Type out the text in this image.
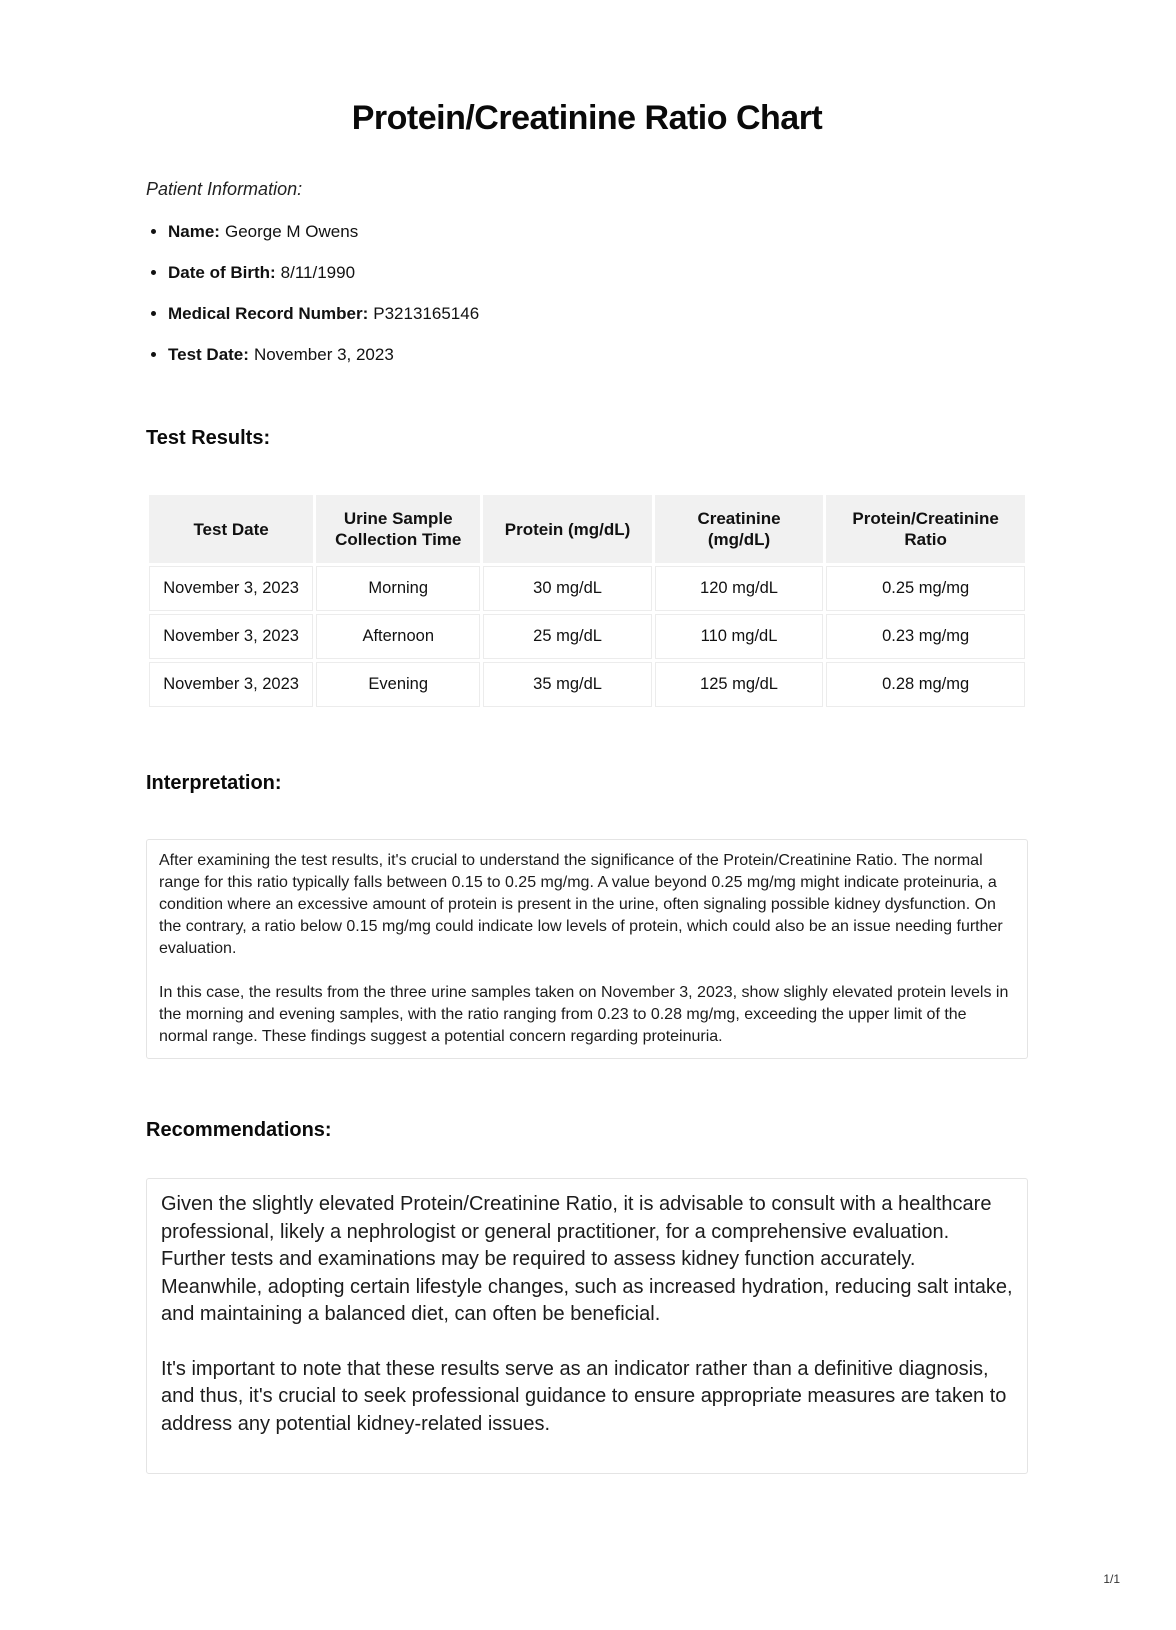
Protein/Creatinine Ratio Chart
Patient Information:
• Name: George M Owens
• Date of Birth: 8/11/1990
• Medical Record Number: P3213165146
• Test Date: November 3, 2023
Test Results:
Test Date	Urine Sample Collection Time	Protein (mg/dL)	Creatinine (mg/dL)	Protein/Creatinine Ratio
November 3, 2023	Morning	30 mg/dL	120 mg/dL	0.25 mg/mg
November 3, 2023	Afternoon	25 mg/dL	110 mg/dL	0.23 mg/mg
November 3, 2023	Evening	35 mg/dL	125 mg/dL	0.28 mg/mg
Interpretation:

After examining the test results, it's crucial to understand the significance of the Protein/Creatinine Ratio. The normal range for this ratio typically falls between 0.15 to 0.25 mg/mg. A value beyond 0.25 mg/mg might indicate proteinuria, a condition where an excessive amount of protein is present in the urine, often signaling possible kidney dysfunction. On the contrary, a ratio below 0.15 mg/mg could indicate low levels of protein, which could also be an issue needing further evaluation.

In this case, the results from the three urine samples taken on November 3, 2023, show slighly elevated protein levels in the morning and evening samples, with the ratio ranging from 0.23 to 0.28 mg/mg, exceeding the upper limit of the normal range. These findings suggest a potential concern regarding proteinuria.

Recommendations:

Given the slightly elevated Protein/Creatinine Ratio, it is advisable to consult with a healthcare professional, likely a nephrologist or general practitioner, for a comprehensive evaluation. Further tests and examinations may be required to assess kidney function accurately. Meanwhile, adopting certain lifestyle changes, such as increased hydration, reducing salt intake, and maintaining a balanced diet, can often be beneficial.

It's important to note that these results serve as an indicator rather than a definitive diagnosis, and thus, it's crucial to seek professional guidance to ensure appropriate measures are taken to address any potential kidney-related issues.

1/1
